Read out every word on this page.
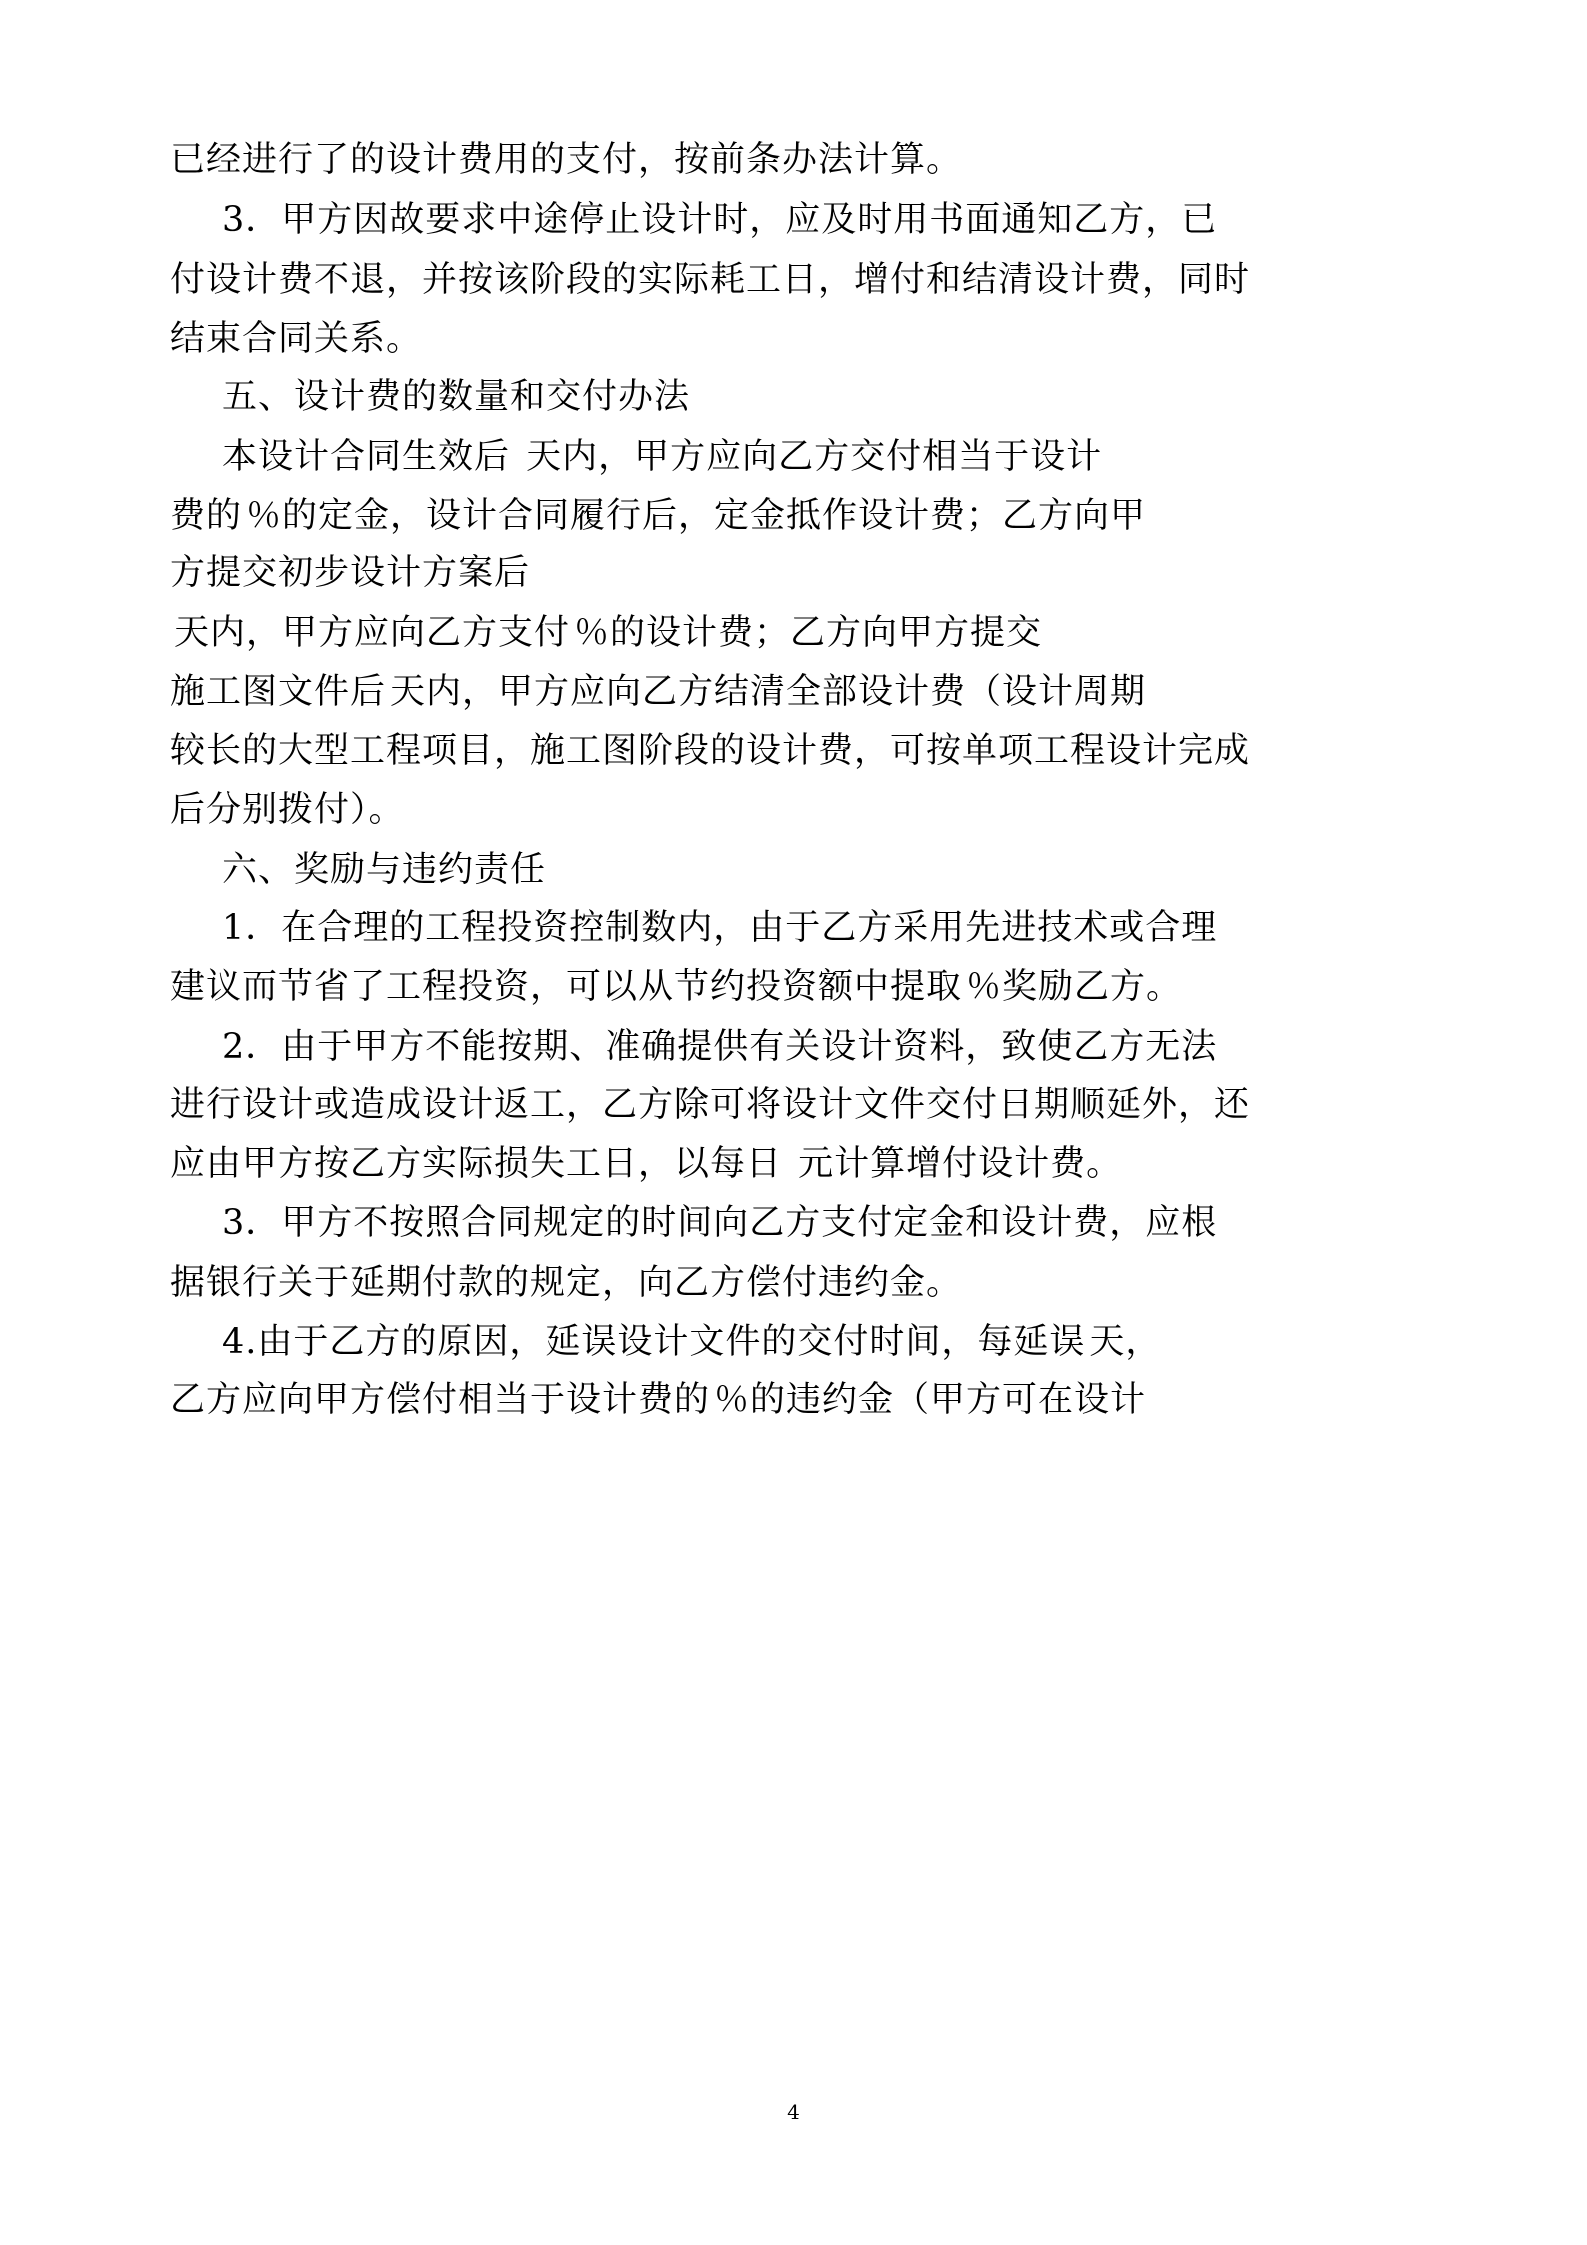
已经进行了的设计费用的支付，按前条办法计算。
3．甲方因故要求中途停止设计时，应及时用书面通知乙方，已
付设计费不退，并按该阶段的实际耗工日，增付和结清设计费，同时
结束合同关系。
五、设计费的数量和交付办法
本设计合同生效后 天内，甲方应向乙方交付相当于设计
费的 ％的定金，设计合同履行后，定金抵作设计费；乙方向甲
方提交初步设计方案后
天内，甲方应向乙方支付 ％的设计费；乙方向甲方提交
施工图文件后 天内，甲方应向乙方结清全部设计费（设计周期
较长的大型工程项目，施工图阶段的设计费，可按单项工程设计完成
后分别拨付）。
六、奖励与违约责任
1．在合理的工程投资控制数内，由于乙方采用先进技术或合理
建议而节省了工程投资，可以从节约投资额中提取 ％奖励乙方。
2．由于甲方不能按期、准确提供有关设计资料，致使乙方无法
进行设计或造成设计返工，乙方除可将设计文件交付日期顺延外，还
应由甲方按乙方实际损失工日，以每日 元计算增付设计费。
3．甲方不按照合同规定的时间向乙方支付定金和设计费，应根
据银行关于延期付款的规定，向乙方偿付违约金。
4.由于乙方的原因，延误设计文件的交付时间，每延误 天，
乙方应向甲方偿付相当于设计费的 ％的违约金（甲方可在设计
4
